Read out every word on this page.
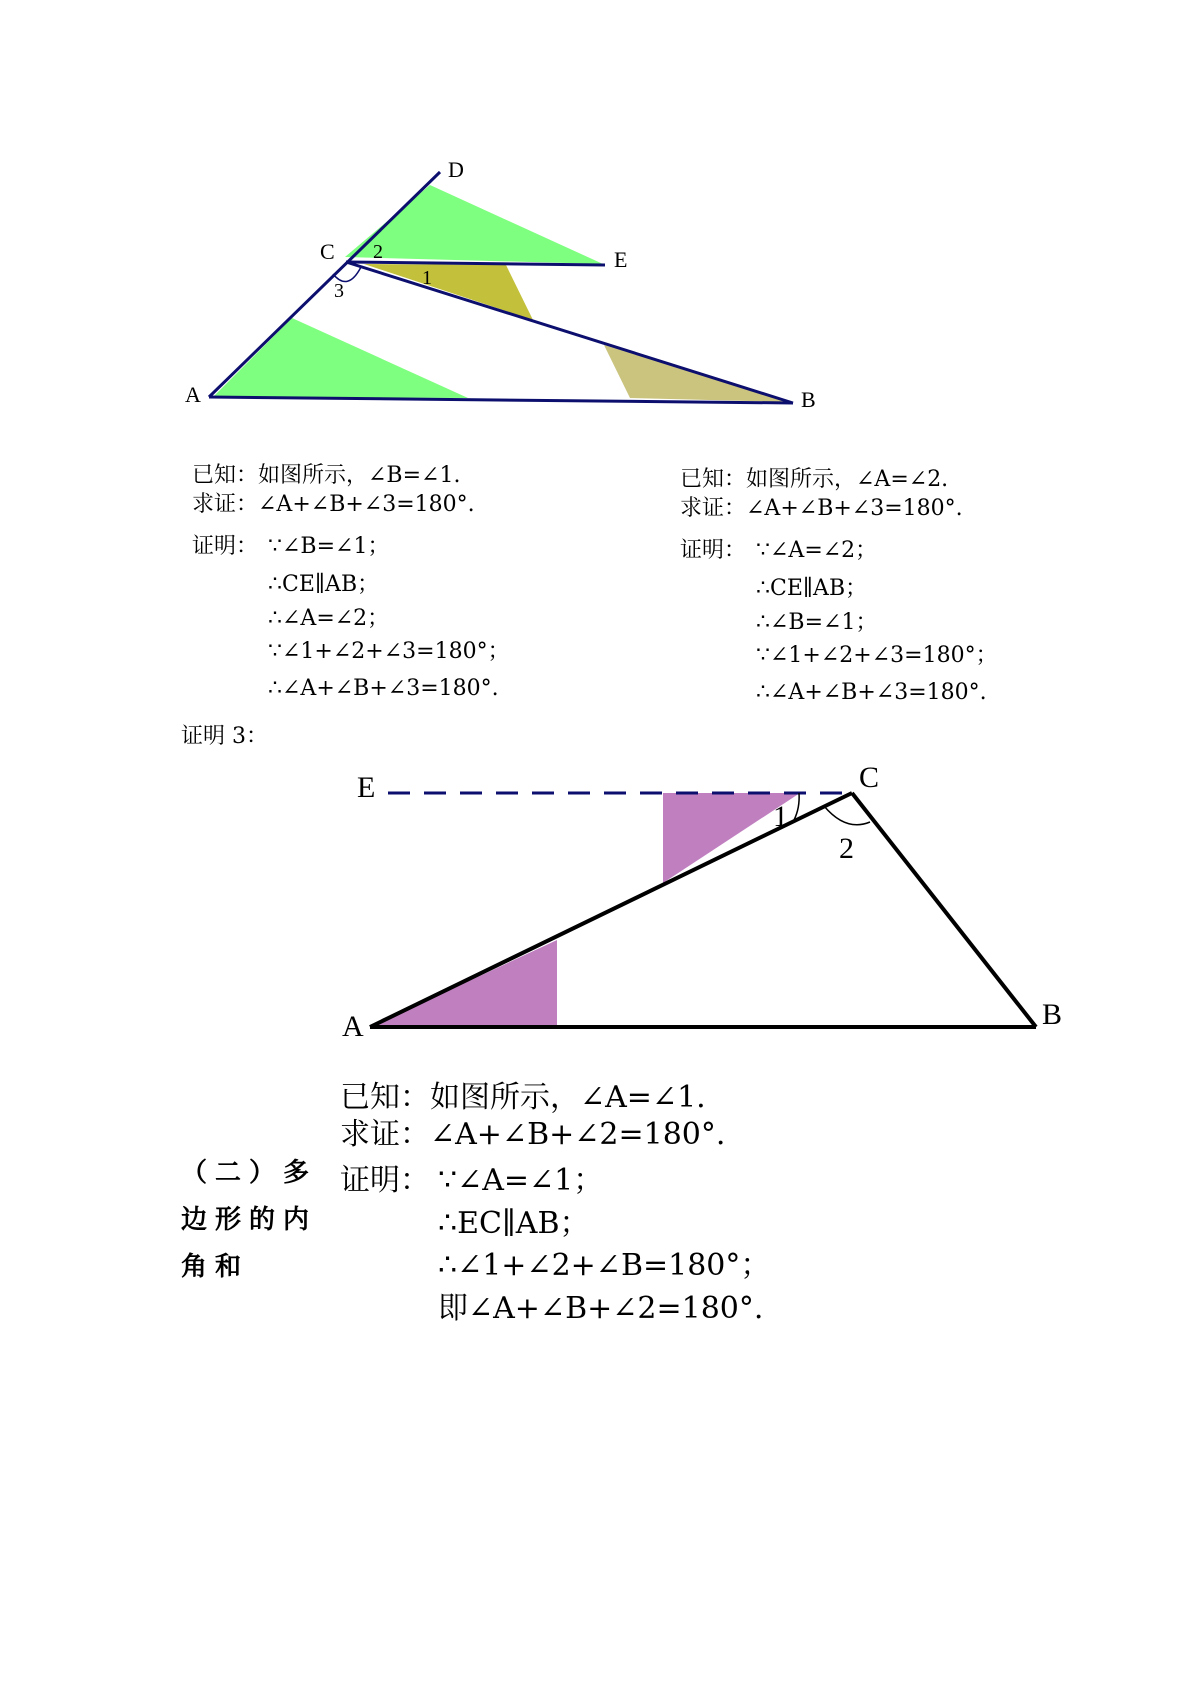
D
C	E
A	B
2
1
3
已知：如图所示，∠B=∠1.
求证：∠A+∠B+∠3=180°.
证明： ∵∠B=∠1；
∴CE∥AB；
∴∠A=∠2；
∵∠1+∠2+∠3=180°；
∴∠A+∠B+∠3=180°.
已知：如图所示，∠A=∠2.
求证：∠A+∠B+∠3=180°.
证明： ∵∠A=∠2；
∴CE∥AB；
∴∠B=∠1；
∵∠1+∠2+∠3=180°；
∴∠A+∠B+∠3=180°.
证明 3：
E	C
A	B
1
2
已知：如图所示，∠A=∠1.
求证：∠A+∠B+∠2=180°.
证明： ∵∠A=∠1；
∴EC∥AB；
∴∠1+∠2+∠B=180°；
即∠A+∠B+∠2=180°.
（二）多
边形的内
角和
